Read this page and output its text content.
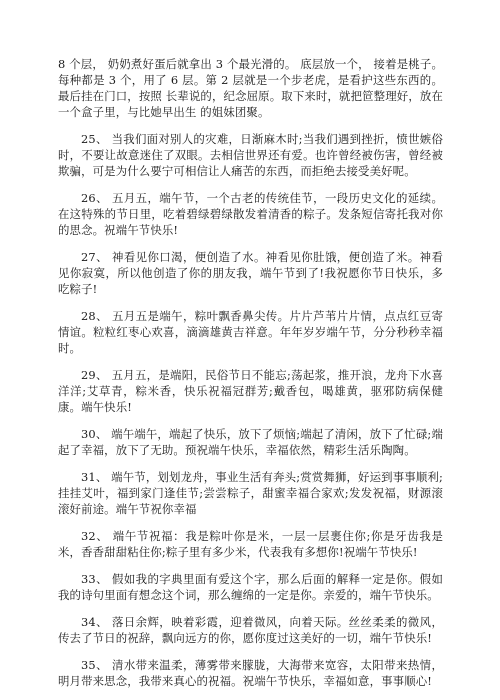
8 个层， 奶奶煮好蛋后就拿出 3 个最光滑的。 底层放一个， 接着是桃子。每种都是 3 个，用了 6 层。第 2 层就是一个步老虎，是看护这些东西的。最后挂在门口，按照 长辈说的，纪念屈原。取下来时，就把笸整理好，放在一个盒子里，与比她早出生 的姐妹团聚。

25、 当我们面对别人的灾难，日渐麻木时;当我们遇到挫折，愤世嫉俗时，不要让故意迷住了双眼。去相信世界还有爱。也许曾经被伤害，曾经被欺骗，可是为什么要宁可相信让人痛苦的东西，而拒绝去接受美好呢。

26、 五月五，端午节，一个古老的传统佳节，一段历史文化的延续。在这特殊的节日里，吃着碧绿碧绿散发着清香的粽子。发条短信寄托我对你的思念。祝端午节快乐!

27、 神看见你口渴，便创造了水。神看见你肚饿，便创造了米。神看见你寂寞，所以他创造了你的朋友我，端午节到了!我祝愿你节日快乐，多吃粽子!

28、 五月五是端午，粽叶飘香鼻尖传。片片芦苇片片情，点点红豆寄情谊。粒粒红枣心欢喜，滴滴雄黄吉祥意。年年岁岁端午节，分分秒秒幸福时。

29、 五月五，是端阳，民俗节日不能忘;荡起浆，推开浪，龙舟下水喜洋洋;艾草青，粽米香，快乐祝福冠群芳;戴香包，喝雄黄，驱邪防病保健康。端午快乐!

30、 端午端午，端起了快乐，放下了烦恼;端起了清闲，放下了忙碌;端起了幸福，放下了无助。预祝端午快乐，幸福依然，精彩生活乐陶陶。

31、 端午节，划划龙舟，事业生活有奔头;赏赏舞狮，好运到事事顺利;挂挂艾叶，福到家门逢佳节;尝尝粽子，甜蜜幸福合家欢;发发祝福，财源滚滚好前途。端午节祝你幸福

32、 端午节祝福：我是粽叶你是米，一层一层裹住你;你是牙齿我是米，香香甜甜粘住你;粽子里有多少米，代表我有多想你!祝端午节快乐!

33、 假如我的字典里面有爱这个字，那么后面的解释一定是你。假如我的诗句里面有想念这个词，那么缠绵的一定是你。亲爱的，端午节快乐。

34、 落日余辉，映着彩霞，迎着微风，向着天际。丝丝柔柔的微风，传去了节日的祝辞，飘向远方的你，愿你度过这美好的一切，端午节快乐!

35、 清水带来温柔，薄雾带来朦胧，大海带来宽容，太阳带来热情，明月带来思念，我带来真心的祝福。祝端午节快乐，幸福如意，事事顺心!
